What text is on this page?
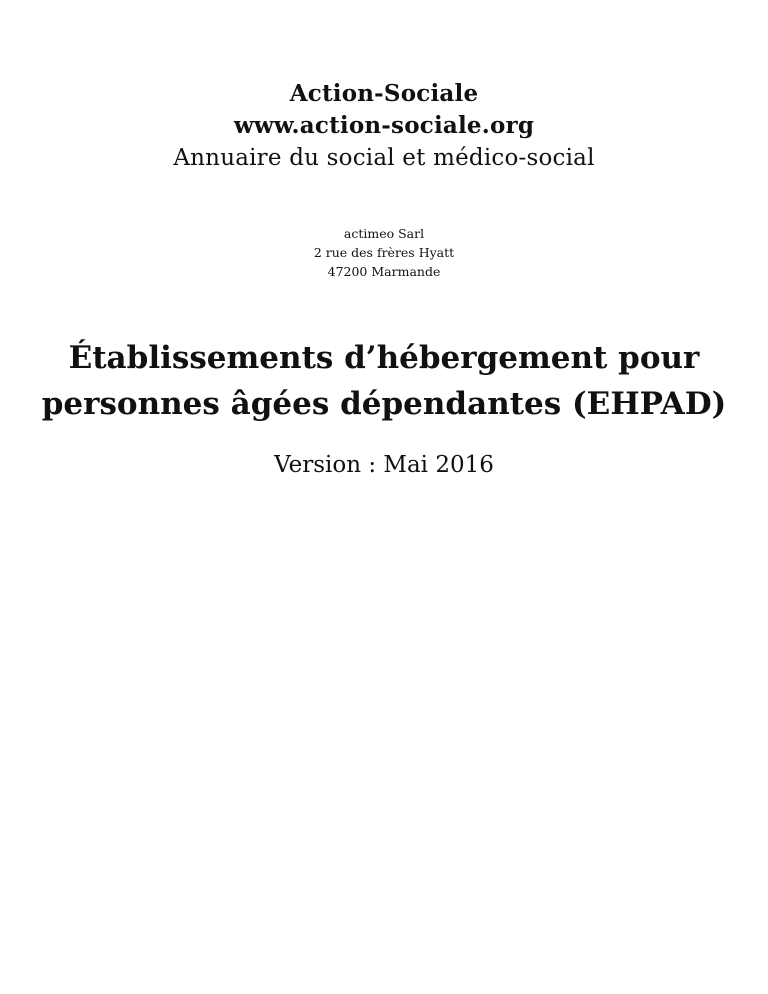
Action-Sociale
www.action-sociale.org
Annuaire du social et médico-social
actimeo Sarl
2 rue des frères Hyatt
47200 Marmande
Établissements d’hébergement pour
personnes âgées dépendantes (EHPAD)
Version : Mai 2016
